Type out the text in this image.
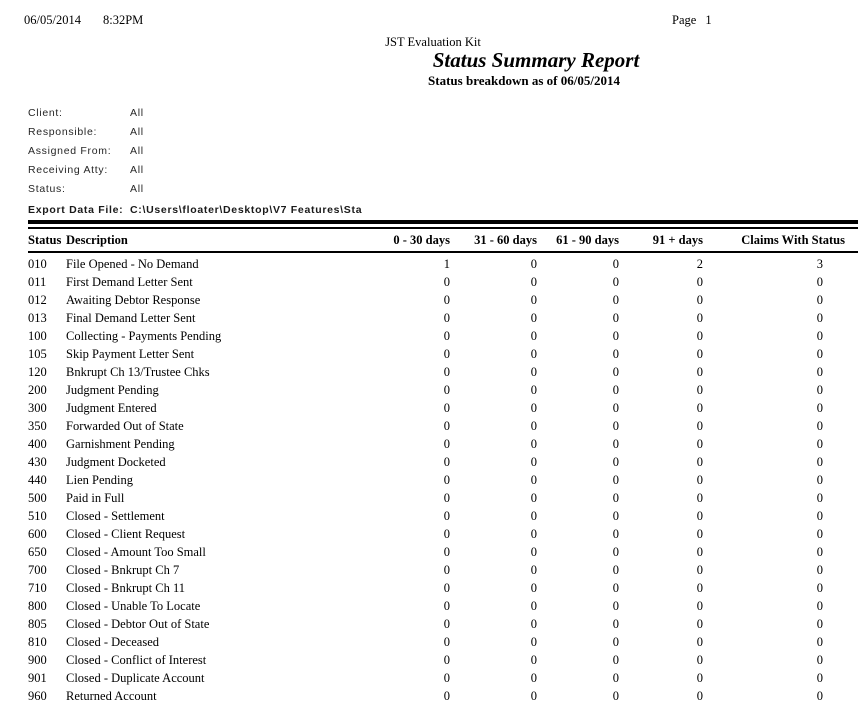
06/05/2014 8:32PM	Page 1
JST Evaluation Kit
Status Summary Report
Status breakdown as of 06/05/2014
Client:	All
Responsible:	All
Assigned From: All
Receiving Atty: All
Status:	All
Export Data File: C:\Users\floater\Desktop\V7 Features\Sta
Status	Description	0 - 30 days	31 - 60 days	61 - 90 days	91 + days	Claims With Status
010	File Opened - No Demand	1	0	0	2	3
011	First Demand Letter Sent	0	0	0	0	0
012	Awaiting Debtor Response	0	0	0	0	0
013	Final Demand Letter Sent	0	0	0	0	0
100	Collecting - Payments Pending	0	0	0	0	0
105	Skip Payment Letter Sent	0	0	0	0	0
120	Bnkrupt Ch 13/Trustee Chks	0	0	0	0	0
200	Judgment Pending	0	0	0	0	0
300	Judgment Entered	0	0	0	0	0
350	Forwarded Out of State	0	0	0	0	0
400	Garnishment Pending	0	0	0	0	0
430	Judgment Docketed	0	0	0	0	0
440	Lien Pending	0	0	0	0	0
500	Paid in Full	0	0	0	0	0
510	Closed - Settlement	0	0	0	0	0
600	Closed - Client Request	0	0	0	0	0
650	Closed - Amount Too Small	0	0	0	0	0
700	Closed - Bnkrupt Ch 7	0	0	0	0	0
710	Closed - Bnkrupt Ch 11	0	0	0	0	0
800	Closed - Unable To Locate	0	0	0	0	0
805	Closed - Debtor Out of State	0	0	0	0	0
810	Closed - Deceased	0	0	0	0	0
900	Closed - Conflict of Interest	0	0	0	0	0
901	Closed - Duplicate Account	0	0	0	0	0
960	Returned Account	0	0	0	0	0
